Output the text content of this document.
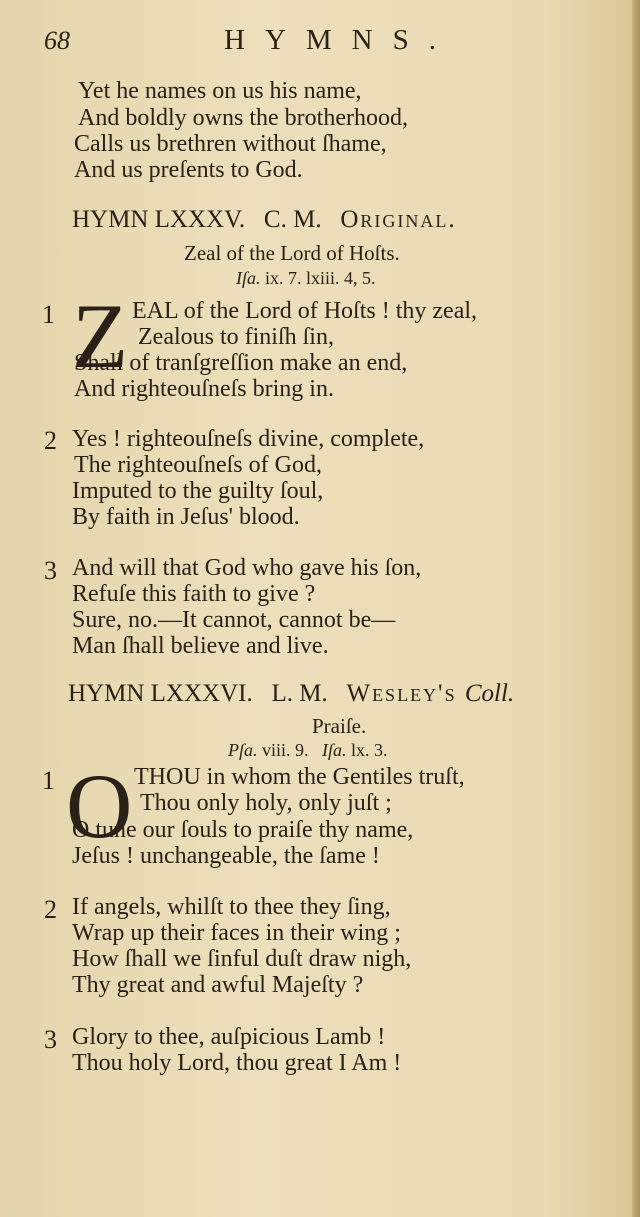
68	HYMNS.
Yet he names on us his name,
And boldly owns the brotherhood,
Calls us brethren without ſhame,
And us preſents to God.
HYMN LXXXV. C. M. Original.
Zeal of the Lord of Hoſts.
Iſa. ix. 7. lxiii. 4, 5.
1 Z EAL of the Lord of Hoſts ! thy zeal,
Zealous to finiſh ſin,
Shall of tranſgreſſion make an end,
And righteouſneſs bring in.
2 Yes ! righteouſneſs divine, complete,
The righteouſneſs of God,
Imputed to the guilty ſoul,
By faith in Jeſus' blood.
3 And will that God who gave his ſon,
Refuſe this faith to give ?
Sure, no.—It cannot, cannot be—
Man ſhall believe and live.
HYMN LXXXVI. L. M. Wesley's Coll.
Praiſe.
Pſa. viii. 9. Iſa. lx. 3.
1 O THOU in whom the Gentiles truſt,
Thou only holy, only juſt ;
O tune our ſouls to praiſe thy name,
Jeſus ! unchangeable, the ſame !
2 If angels, whilſt to thee they ſing,
Wrap up their faces in their wing ;
How ſhall we ſinful duſt draw nigh,
Thy great and awful Majeſty ?
3 Glory to thee, auſpicious Lamb !
Thou holy Lord, thou great I Am !
